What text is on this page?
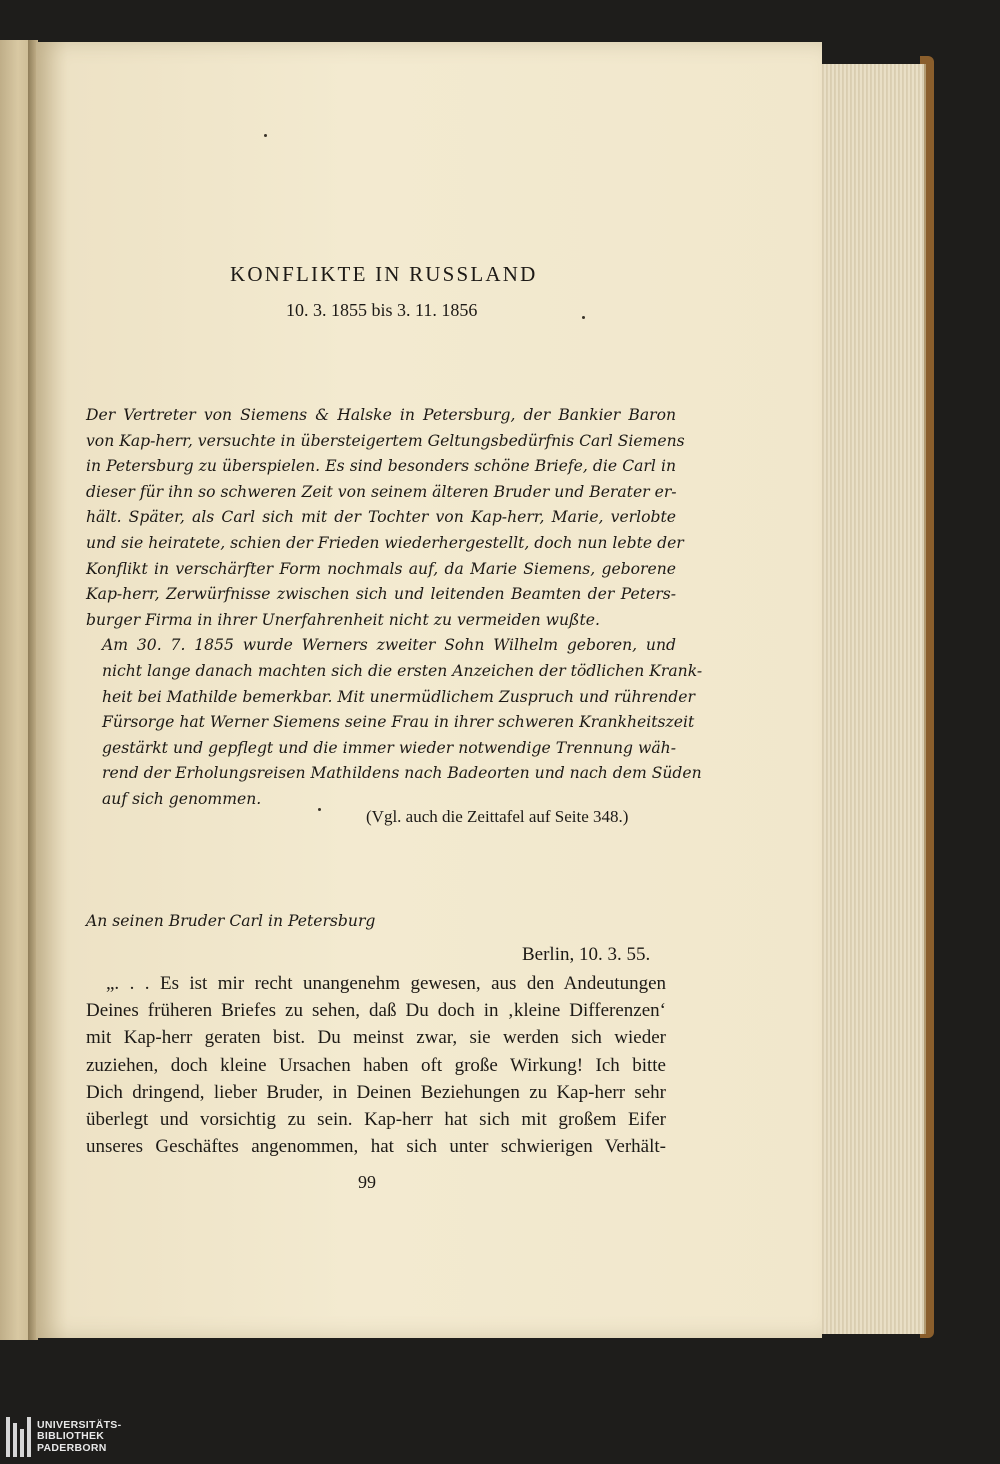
KONFLIKTE IN RUSSLAND
10. 3. 1855 bis 3. 11. 1856

Der Vertreter von Siemens & Halske in Petersburg, der Bankier Baron
von Kap-herr, versuchte in übersteigertem Geltungsbedürfnis Carl Siemens
in Petersburg zu überspielen. Es sind besonders schöne Briefe, die Carl in
dieser für ihn so schweren Zeit von seinem älteren Bruder und Berater er-
hält. Später, als Carl sich mit der Tochter von Kap-herr, Marie, verlobte
und sie heiratete, schien der Frieden wiederhergestellt, doch nun lebte der
Konflikt in verschärfter Form nochmals auf, da Marie Siemens, geborene
Kap-herr, Zerwürfnisse zwischen sich und leitenden Beamten der Peters-
burger Firma in ihrer Unerfahrenheit nicht zu vermeiden wußte.

Am 30. 7. 1855 wurde Werners zweiter Sohn Wilhelm geboren, und
nicht lange danach machten sich die ersten Anzeichen der tödlichen Krank-
heit bei Mathilde bemerkbar. Mit unermüdlichem Zuspruch und rührender
Fürsorge hat Werner Siemens seine Frau in ihrer schweren Krankheitszeit
gestärkt und gepflegt und die immer wieder notwendige Trennung wäh-
rend der Erholungsreisen Mathildens nach Badeorten und nach dem Süden
auf sich genommen.

(Vgl. auch die Zeittafel auf Seite 348.)
An seinen Bruder Carl in Petersburg
Berlin, 10. 3. 55.
„. . . Es ist mir recht unangenehm gewesen, aus den Andeutungen
Deines früheren Briefes zu sehen, daß Du doch in ‚kleine Differenzen‘
mit Kap-herr geraten bist. Du meinst zwar, sie werden sich wieder
zuziehen, doch kleine Ursachen haben oft große Wirkung! Ich bitte
Dich dringend, lieber Bruder, in Deinen Beziehungen zu Kap-herr sehr
überlegt und vorsichtig zu sein. Kap-herr hat sich mit großem Eifer
unseres Geschäftes angenommen, hat sich unter schwierigen Verhält-
99
UNIVERSITÄTS-
BIBLIOTHEK
PADERBORN
